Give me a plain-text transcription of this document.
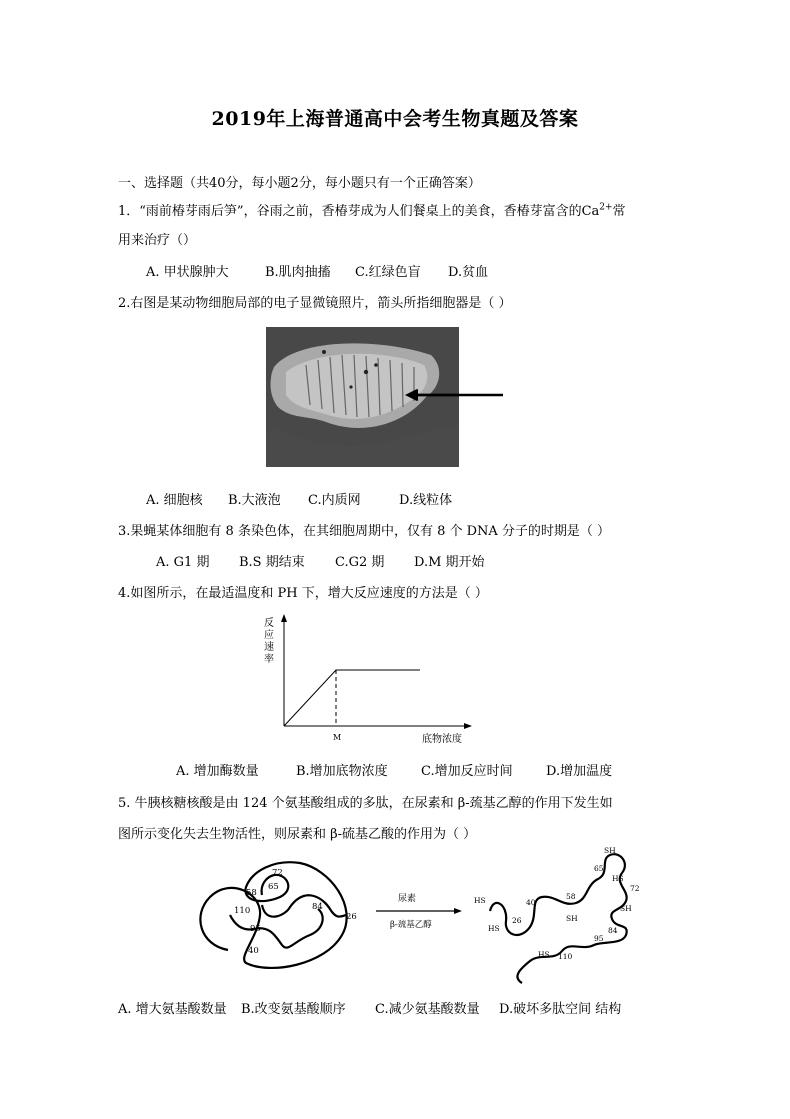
2019年上海普通高中会考生物真题及答案
一、选择题（共40分，每小题2分，每小题只有一个正确答案）
1．“雨前椿芽雨后笋”，谷雨之前，香椿芽成为人们餐桌上的美食，香椿芽富含的$Ca^{2+}$常
用来治疗（）
A. 甲状腺肿大	B.肌肉抽搐 C.红绿色盲 D.贫血
2.右图是某动物细胞局部的电子显微镜照片，箭头所指细胞器是（ ）
A. 细胞核 B.大液泡 C.内质网	D.线粒体
3.果蝇某体细胞有 8 条染色体，在其细胞周期中，仅有 8 个 DNA 分子的时期是（ ）
A. G1 期 B.S 期结束 C.G2 期 D.M 期开始
4.如图所示，在最适温度和 PH 下，增大反应速度的方法是（ ）
反
应
速
率
M	底物浓度
A. 增加酶数量	B.增加底物浓度	C.增加反应时间	D.增加温度
5. 牛胰核糖核酸是由 124 个氨基酸组成的多肽，在尿素和 β-巯基乙醇的作用下发生如
图所示变化失去生物活性，则尿素和 β-硫基乙酸的作用为（ ）
72
65
58
110	84
95
40
26
尿素
β-巯基乙醇
SH
65
HS
72
HS	40
58
SH
SH
HS
26
84
95
HS 110
A. 增大氨基酸数量 B.改变氨基酸顺序 C.减少氨基酸数量 D.破坏多肽空间 结构
